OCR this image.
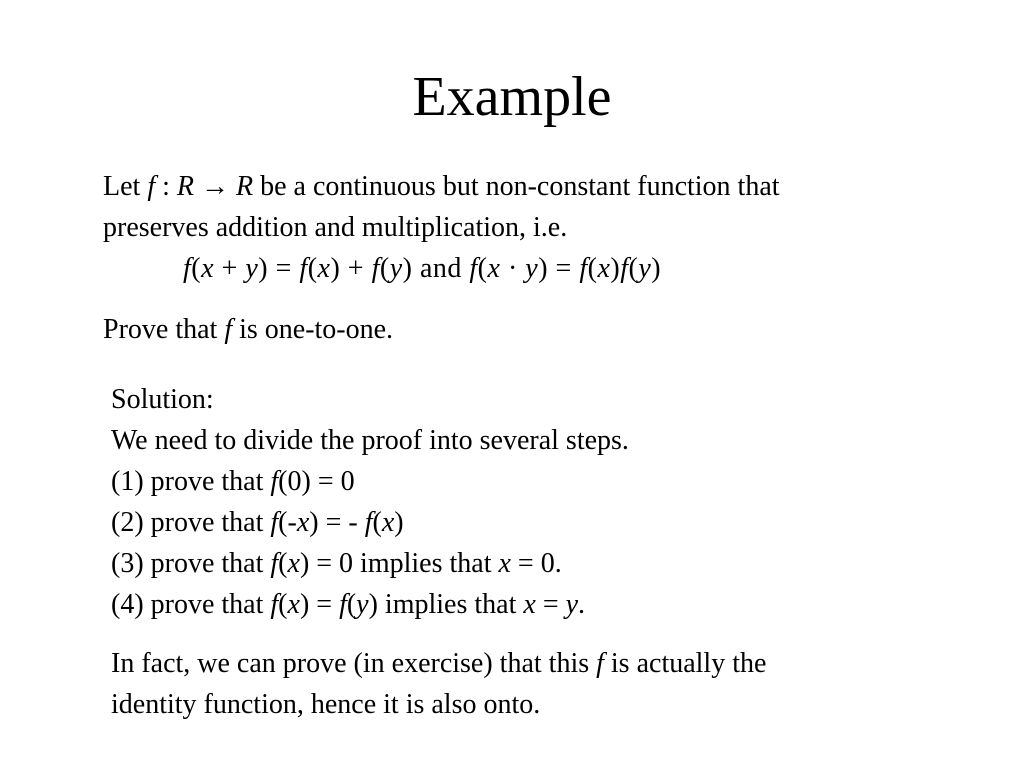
Example
Let f : R → R be a continuous but non-constant function that
preserves addition and multiplication, i.e.
f(x + y) = f(x) + f(y) and f(x · y) = f(x)f(y)
Prove that f is one-to-one.
Solution:
We need to divide the proof into several steps.
(1) prove that f(0) = 0
(2) prove that f(-x) = - f(x)
(3) prove that f(x) = 0 implies that x = 0.
(4) prove that f(x) = f(y) implies that x = y.
In fact, we can prove (in exercise) that this f is actually the
identity function, hence it is also onto.
